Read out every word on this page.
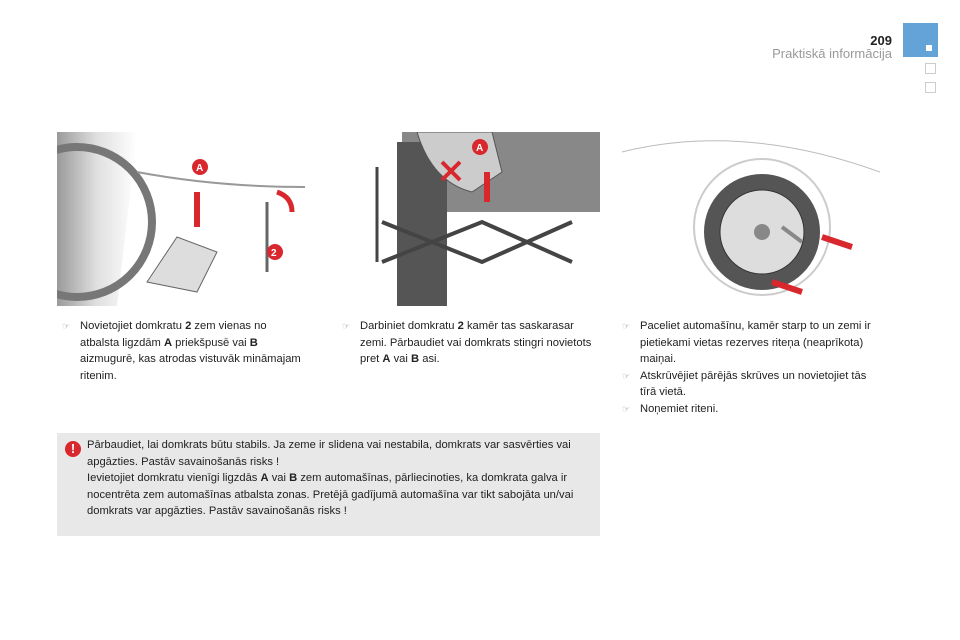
209
Praktiskā informācija
A
2
A
☞ Novietojiet domkratu 2 zem vienas no atbalsta ligzdām A priekšpusē vai B aizmugurē, kas atrodas vistuvāk mināmajam ritenim.
☞ Darbiniet domkratu 2 kamēr tas saskarasar zemi. Pārbaudiet vai domkrats stingri novietots pret A vai B asi.
☞ Paceliet automašīnu, kamēr starp to un zemi ir pietiekami vietas rezerves riteņa (neaprīkota) maiņai.
☞ Atskrūvējiet pārējās skrūves un novietojiet tās tīrā vietā.
☞ Noņemiet riteni.
!	Pārbaudiet, lai domkrats būtu stabils. Ja zeme ir slidena vai nestabila, domkrats var sasvērties vai apgāzties. Pastāv savainošanās risks !
Ievietojiet domkratu vienīgi ligzdās A vai B zem automašīnas, pārliecinoties, ka domkrata galva ir nocentrēta zem automašīnas atbalsta zonas. Pretējā gadījumā automašīna var tikt sabojāta un/vai domkrats var apgāzties. Pastāv savainošanās risks !
